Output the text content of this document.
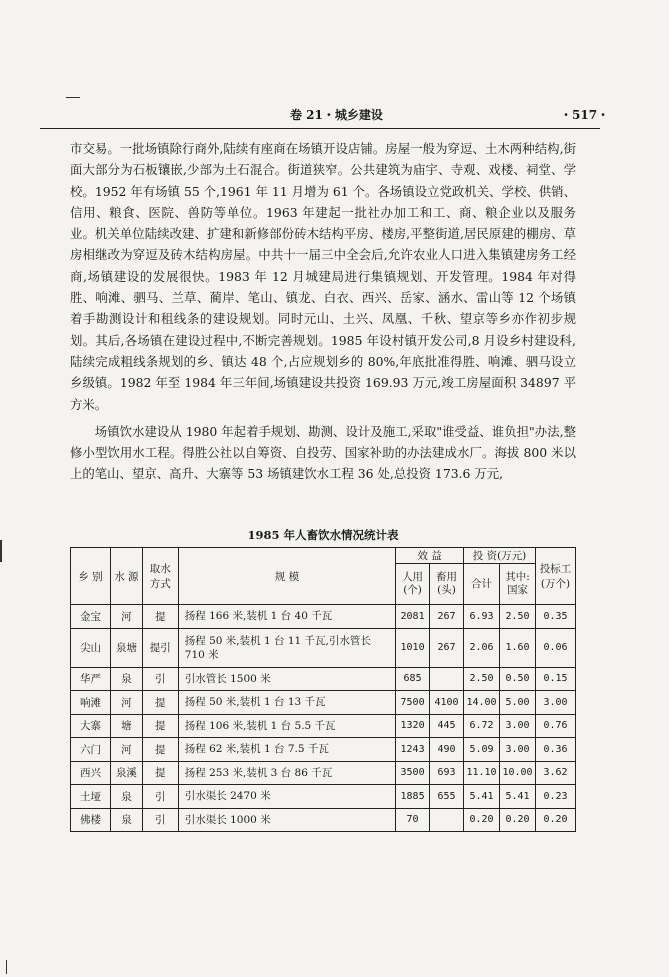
卷 21・城乡建设	・517・

市交易。一批场镇除行商外,陆续有座商在场镇开设店铺。房屋一般为穿逗、土木两种结构,街面大部分为石板镶嵌,少部为土石混合。街道狭窄。公共建筑为庙宇、寺观、戏楼、祠堂、学校。1952 年有场镇 55 个,1961 年 11 月增为 61 个。各场镇设立党政机关、学校、供销、信用、粮食、医院、兽防等单位。1963 年建起一批社办加工和工、商、粮企业以及服务业。机关单位陆续改建、扩建和新修部份砖木结构平房、楼房,平整街道,居民原建的棚房、草房相继改为穿逗及砖木结构房屋。中共十一届三中全会后,允许农业人口进入集镇建房务工经商,场镇建设的发展很快。1983 年 12 月城建局进行集镇规划、开发管理。1984 年对得胜、响滩、驷马、兰草、蔺岸、笔山、镇龙、白衣、西兴、岳家、涵水、雷山等 12 个场镇着手勘测设计和租线条的建设规划。同时元山、土兴、凤凰、千秋、望京等乡亦作初步规划。其后,各场镇在建设过程中,不断完善规划。1985 年设村镇开发公司,8 月设乡村建设科,陆续完成粗线条规划的乡、镇达 48 个,占应规划乡的 80%,年底批准得胜、响滩、驷马设立乡级镇。1982 年至 1984 年三年间,场镇建设共投资 169.93 万元,竣工房屋面积 34897 平方米。

场镇饮水建设从 1980 年起着手规划、勘测、设计及施工,采取"谁受益、谁负担"办法,整修小型饮用水工程。得胜公社以自筹资、自投劳、国家补助的办法建成水厂。海拔 800 米以上的笔山、望京、高升、大寨等 53 场镇建饮水工程 36 处,总投资 173.6 万元,

1985 年人畜饮水情况统计表
乡 别	水 源	取水方式	规 模	效 益		投 资(万元)		投标工(万个)
				人用(个)	畜用(头)	合计	其中:国家	
金宝	河	提	扬程 166 米,装机 1 台 40 千瓦	2081	267	6.93	2.50	0.35
尖山	泉塘	提引	扬程 50 米,装机 1 台 11 千瓦,引水管长 710 米	1010	267	2.06	1.60	0.06
华严	泉	引	引水管长 1500 米	685		2.50	0.50	0.15
响滩	河	提	扬程 50 米,装机 1 台 13 千瓦	7500	4100	14.00	5.00	3.00
大寨	塘	提	扬程 106 米,装机 1 台 5.5 千瓦	1320	445	6.72	3.00	0.76
六门	河	提	扬程 62 米,装机 1 台 7.5 千瓦	1243	490	5.09	3.00	0.36
西兴	泉溪	提	扬程 253 米,装机 3 台 86 千瓦	3500	693	11.10	10.00	3.62
土垭	泉	引	引水渠长 2470 米	1885	655	5.41	5.41	0.23
佛楼	泉	引	引水渠长 1000 米	70		0.20	0.20	0.20
